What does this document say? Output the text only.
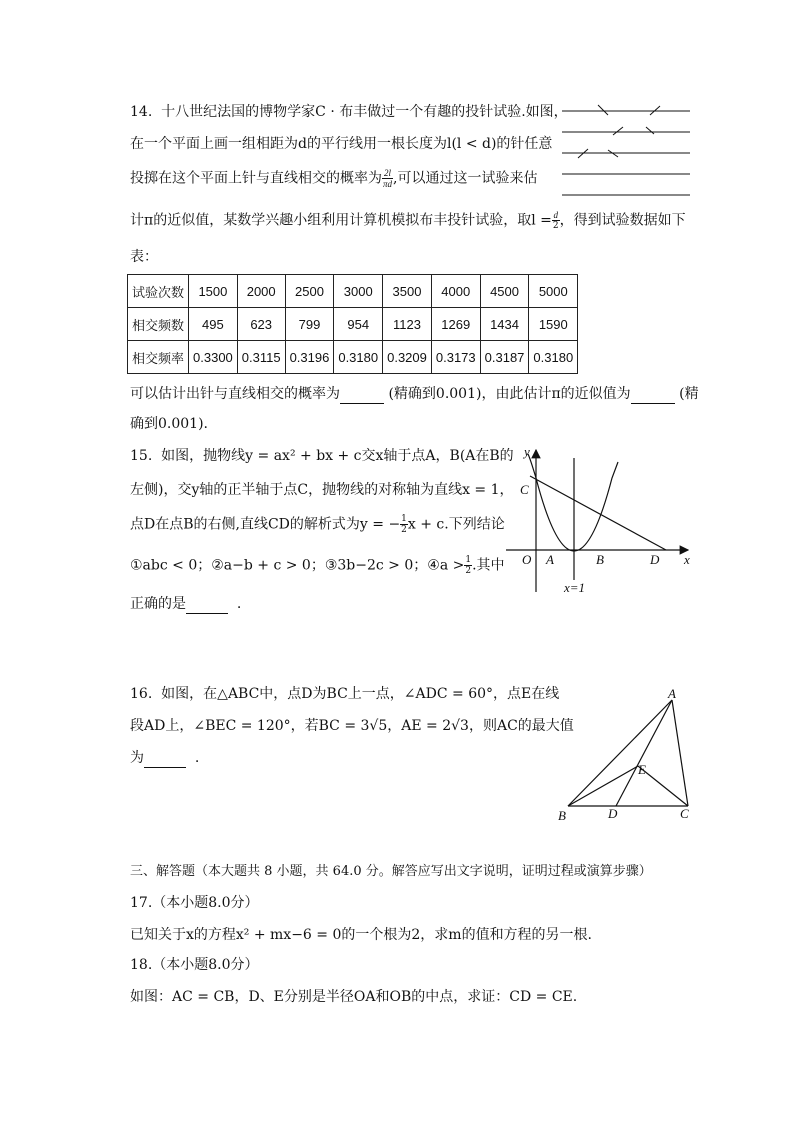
14. 十八世纪法国的博物学家C · 布丰做过一个有趣的投针试验.如图，
在一个平面上画一组相距为d的平行线用一根长度为l(l < d)的针任意
投掷在这个平面上针与直线相交的概率为 $\frac{2l}{\pi d}$ ,可以通过这一试验来估
计π的近似值，某数学兴趣小组利用计算机模拟布丰投针试验，取$l = \frac{d}{2}$ ，得到试验数据如下
表：
试验次数	1500	2000	2500	3000	3500	4000	4500	5000
相交频数	495	623	799	954	1123	1269	1434	1590
相交频率	0.3300	0.3115	0.3196	0.3180	0.3209	0.3173	0.3187	0.3180
可以估计出针与直线相交的概率为	(精确到0.001)，由此估计π的近似值为	(精
确到0.001).
15. 如图，抛物线y = ax² + bx + c交x轴于点A，B(A在B的
左侧)，交y轴的正半轴于点C，抛物线的对称轴为直线x = 1，
点D在点B的右侧,直线CD的解析式为y = − $\frac{1}{2}$ x + c.下列结论
①abc < 0；②a−b + c > 0；③3b−2c > 0；④a > $\frac{1}{2}$ .其中
正确的是	.
y
x
C
O A	B	D
x=1
16. 如图，在△ABC中，点D为BC上一点，∠ADC = 60°，点E在线
段AD上，∠BEC = 120°，若BC = 3√5，AE = 2√3，则AC的最大值
为	.
A
B	C
D
E
三、解答题（本大题共 8 小题，共 64.0 分。解答应写出文字说明，证明过程或演算步骤）
17.（本小题8.0分）
已知关于x的方程x² + mx−6 = 0的一个根为2，求m的值和方程的另一根.
18.（本小题8.0分）
如图：AC = CB，D、E分别是半径OA和OB的中点，求证：CD = CE.
